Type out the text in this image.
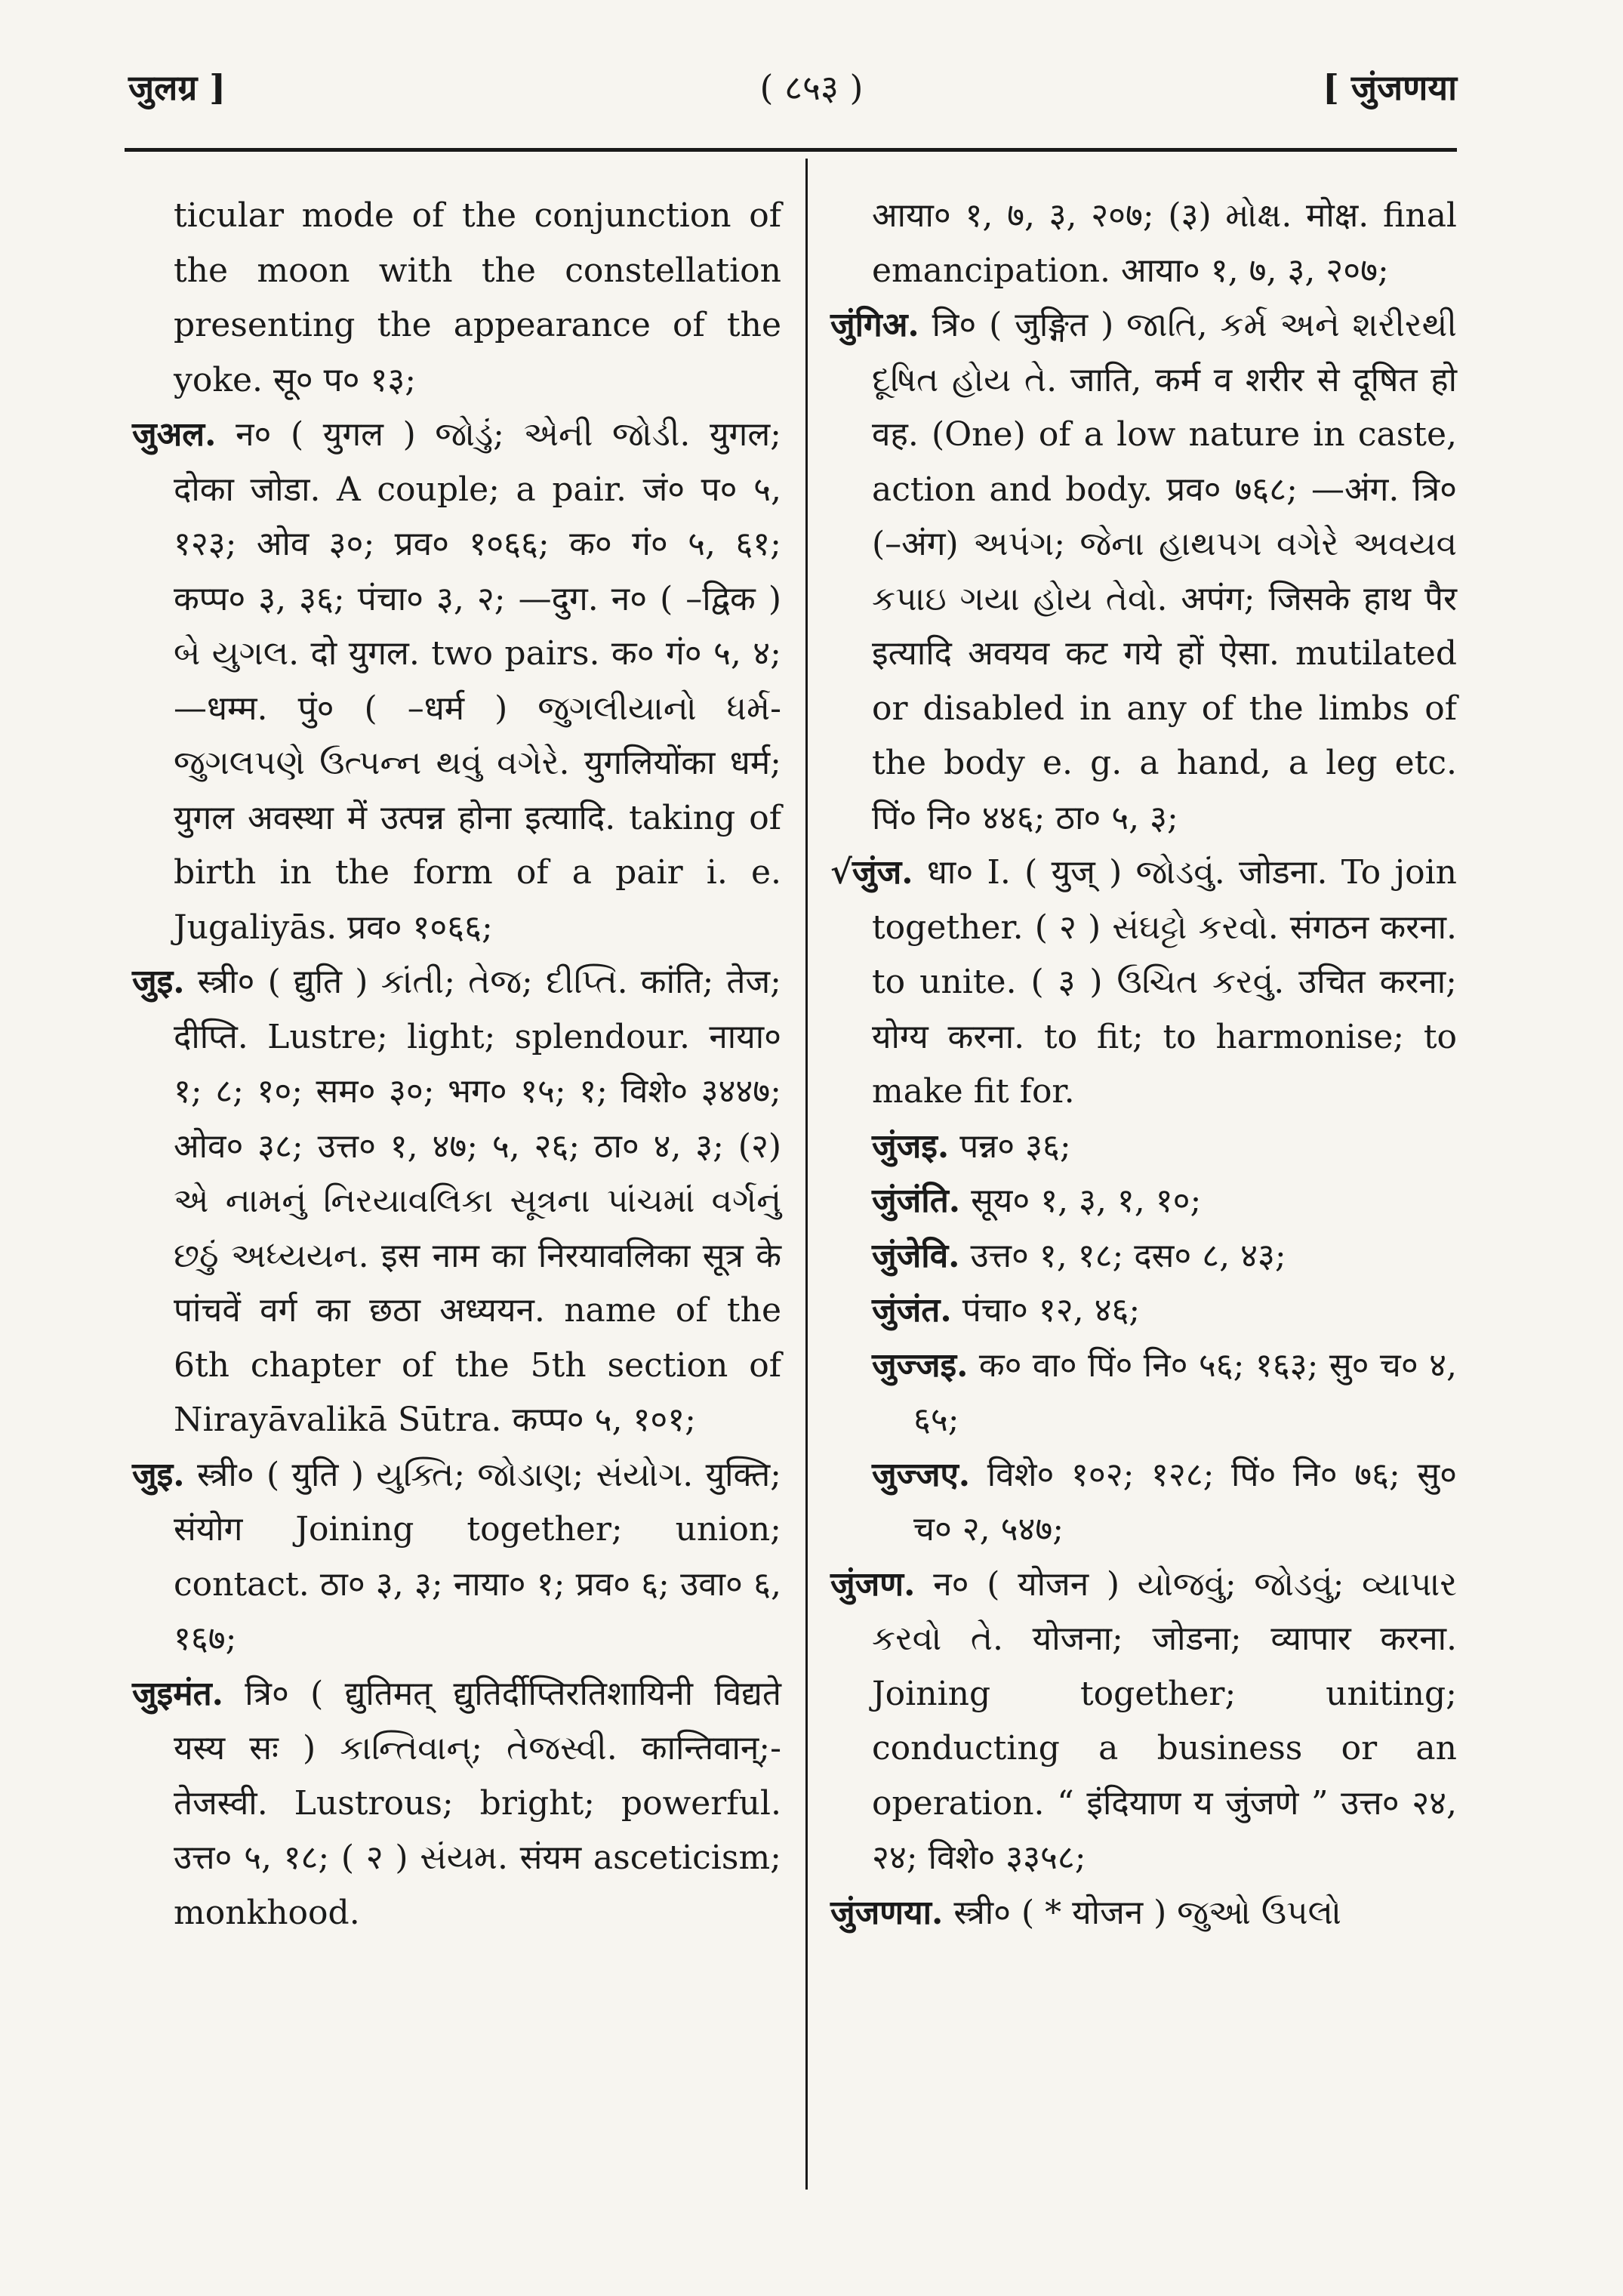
जुलग्र ]	( ८५३ )	[ जुंजणया
ticular mode of the conjunction of the moon with the constellation presenting the appearance of the yoke. सू० प० १३;
जुअल. न० ( युगल ) જોડું; એની જોડી. युगल; दोका जोडा. A couple; a pair. जं० प० ५, १२३; ओव ३०; प्रव० १०६६; क० गं० ५, ६१; कप्प० ३, ३६; पंचा० ३, २; —दुग. न० ( –द्विक ) બે યુગલ. दो युगल. two pairs. क० गं० ५, ४; —धम्म. पुं० ( –धर्म ) જુગલીયાનો ધર્મ-જુગલપણે ઉત્પન્ન થવું વગેરે. युगलियोंका धर्म; युगल अवस्था में उत्पन्न होना इत्यादि. taking of birth in the form of a pair i. e. Jugaliyās. प्रव० १०६६;
जुइ. स्त्री० ( द्युति ) કાંતી; તેજ; દીપ્તિ. कांति; तेज; दीप्ति. Lustre; light; splendour. नाया० १; ८; १०; सम० ३०; भग० १५; १; विशे० ३४४७; ओव० ३८; उत्त० १, ४७; ५, २६; ठा० ४, ३; (२) એ નામનું નિરયાવલિકા સૂત્રના પાંચમાં વર્ગનું છઠું અધ્યયન. इस नाम का निरयावलिका सूत्र के पांचवें वर्ग का छठा अध्ययन. name of the 6th chapter of the 5th section of Nirayāvalikā Sūtra. कप्प० ५, १०१;
जुइ. स्त्री० ( युति ) યુક્તિ; જોડાણ; સંયોગ. युक्ति; संयोग Joining together; union; contact. ठा० ३, ३; नाया० १; प्रव० ६; उवा० ६, १६७;
जुइमंत. त्रि० ( द्युतिमत् द्युतिर्दीप्तिरतिशायिनी विद्यते यस्य सः ) કાન્તિવાન્; તેજસ્વી. कान्तिवान्;-तेजस्वी. Lustrous; bright; powerful. उत्त० ५, १८; ( २ ) સંયમ. संयम asceticism; monkhood.
आया० १, ७, ३, २०७; (३) મોક્ષ. मोक्ष. final emancipation. आया० १, ७, ३, २०७;
जुंगिअ. त्रि० ( जुङ्गित ) જાતિ, કર્મ અને શરીરથી દૂષિત હોય તે. जाति, कर्म व शरीर से दूषित हो वह. (One) of a low nature in caste, action and body. प्रव० ७६८; —अंग. त्रि० (–अंग) અપંગ; જેના હાથપગ વગેરે અવયવ કપાઇ ગયા હોય તેવો. अपंग; जिसके हाथ पैर इत्यादि अवयव कट गये हों ऐसा. mutilated or disabled in any of the limbs of the body e. g. a hand, a leg etc. पिं० नि० ४४६; ठा० ५, ३;
√जुंज. धा० I. ( युज् ) જોડવું. जोडना. To join together. ( २ ) સંઘટ્ટો કરવો. संगठन करना. to unite. ( ३ ) ઉચિત કરવું. उचित करना; योग्य करना. to fit; to harmonise; to make fit for.
जुंजइ. पन्न० ३६;
जुंजंति. सूय० १, ३, १, १०;
जुंजेवि. उत्त० १, १८; दस० ८, ४३;
जुंजंत. पंचा० १२, ४६;
जुज्जइ. क० वा० पिं० नि० ५६; १६३; सु० च० ४, ६५;
जुज्जए. विशे० १०२; १२८; पिं० नि० ७६; सु० च० २, ५४७;
जुंजण. न० ( योजन ) યોજવું; જોડવું; વ્યાપાર કરવો તે. योजना; जोडना; व्यापार करना. Joining together; uniting; conducting a business or an operation. “ इंदियाण य जुंजणे ” उत्त० २४, २४; विशे० ३३५८;
जुंजणया. स्त्री० ( * योजन ) જુઓ ઉપલો
